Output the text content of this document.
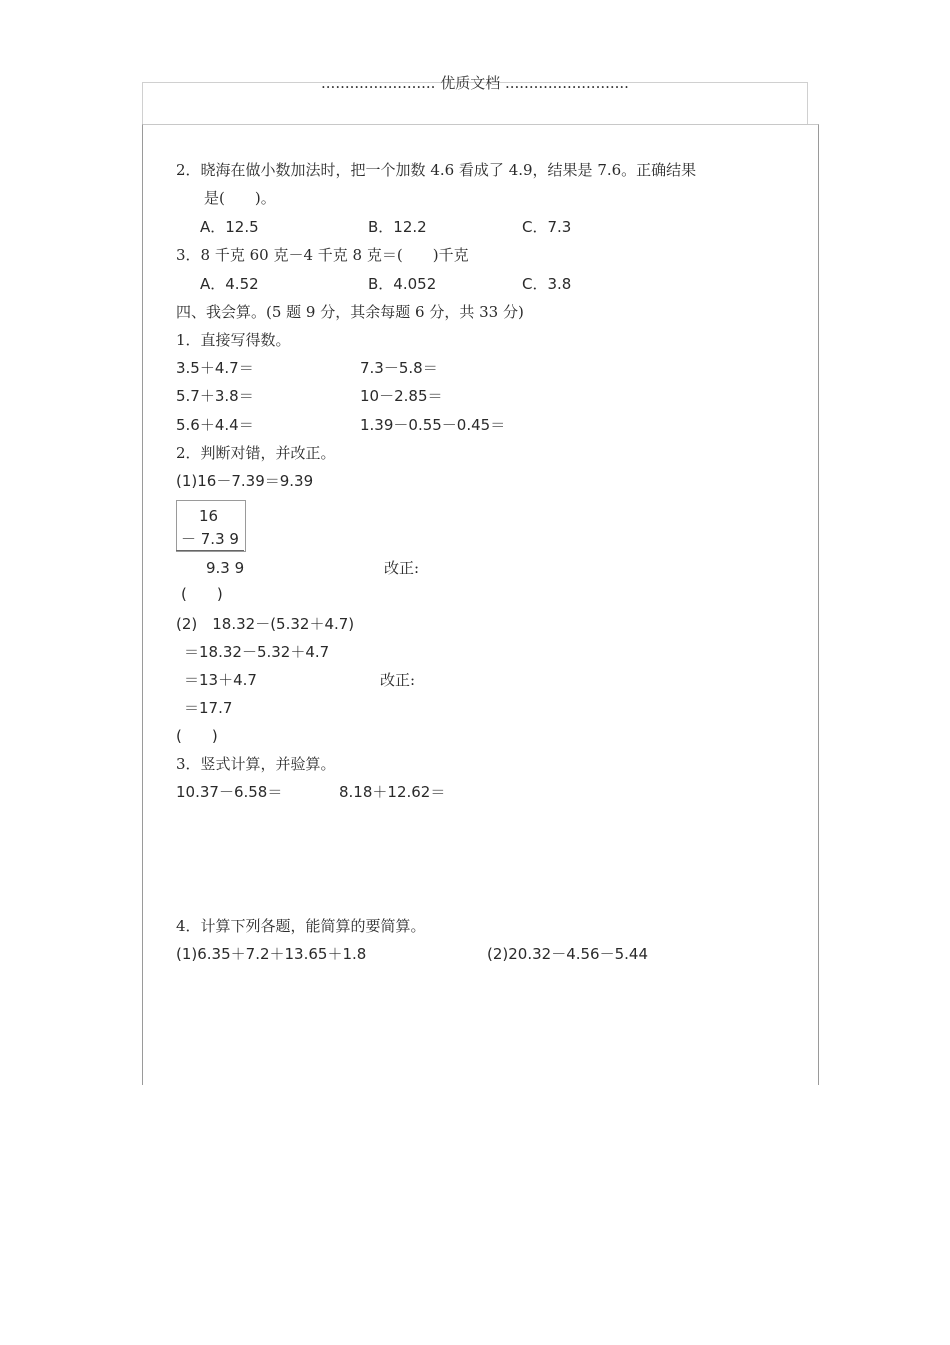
........................ 优质文档 ..........................
2．晓海在做小数加法时，把一个加数 4.6 看成了 4.9，结果是 7.6。正确结果
是(　　)。
A．12.5	B．12.2	C．7.3
3．8 千克 60 克－4 千克 8 克＝(　　)千克
A．4.52	B．4.052	C．3.8
四、我会算。(5 题 9 分，其余每题 6 分，共 33 分)
1．直接写得数。
3.5＋4.7＝	7.3－5.8＝
5.7＋3.8＝	10－2.85＝
5.6＋4.4＝	1.39－0.55－0.45＝
2．判断对错，并改正。
(1)16－7.39＝9.39
16
－ 7.3 9
9.3 9	改正:
(　　)
(2)　18.32－(5.32＋4.7)
＝18.32－5.32＋4.7
＝13＋4.7	改正:
＝17.7
(　　)
3．竖式计算，并验算。
10.37－6.58＝	8.18＋12.62＝
4．计算下列各题，能简算的要简算。
(1)6.35＋7.2＋13.65＋1.8	(2)20.32－4.56－5.44
